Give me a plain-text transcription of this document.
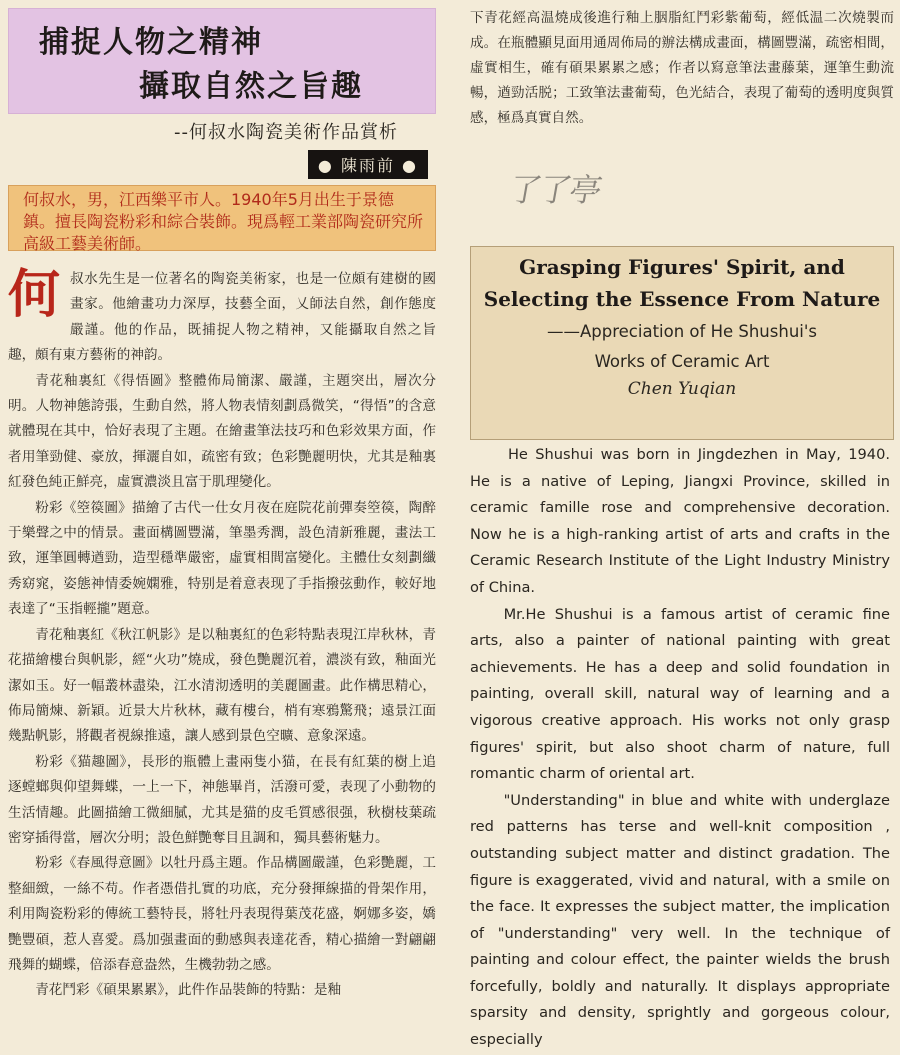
捕捉人物之精神
攝取自然之旨趣
--何叔水陶瓷美術作品賞析
● 陳雨前 ●
何叔水，男，江西樂平市人。1940年5月出生于景德鎮。擅長陶瓷粉彩和綜合裝飾。現爲輕工業部陶瓷研究所高級工藝美術師。

何叔水先生是一位著名的陶瓷美術家，也是一位頗有建樹的國畫家。他繪畫功力深厚，技藝全面，乂師法自然，創作態度嚴謹。他的作品，既捕捉人物之精神，又能攝取自然之旨趣，頗有東方藝術的神韵。

青花釉裏紅《得悟圖》整體佈局簡潔、嚴謹，主題突出，層次分明。人物神態誇張，生動自然，將人物表情刻劃爲微笑，“得悟”的含意就體現在其中，恰好表現了主題。在繪畫筆法技巧和色彩效果方面，作者用筆勁健、豪放，揮灑自如，疏密有致；色彩艷麗明快，尤其是釉裏紅發色純正鮮亮，虛實濃淡且富于肌理變化。

粉彩《箜篌圖》描繪了古代一仕女月夜在庭院花前彈奏箜篌，陶醉于樂聲之中的情景。畫面構圖豐滿，筆墨秀潤，設色清新雅麗，畫法工致，運筆圓轉遒勁，造型穩準嚴密，虛實相間富變化。主體仕女刻劃纖秀窈窕，姿態神情委婉嫻雅，特别是着意表现了手指撥弦動作，較好地表達了“玉指輕攏”題意。

青花釉裏紅《秋江帆影》是以釉裏紅的色彩特點表現江岸秋林，青花描繪樓台與帆影，經“火功”燒成，發色艷麗沉着，濃淡有致，釉面光潔如玉。好一幅叢林盡染，江水清沏透明的美麗圖畫。此作構思精心，佈局簡煉、新穎。近景大片秋林，藏有樓台，梢有寒鴉驚飛；遠景江面幾點帆影，將觀者視線推遠，讓人感到景色空曠、意象深遠。

粉彩《猫趣圖》，長形的瓶體上畫兩隻小猫，在長有紅葉的樹上追逐螳螂與仰望舞蝶，一上一下，神態畢肖，活潑可愛，表现了小動物的生活情趣。此圖描繪工微細膩，尤其是猫的皮毛質感很强，秋樹枝葉疏密穿插得當，層次分明；設色鮮艷奪目且調和，獨具藝術魅力。

粉彩《春風得意圖》以牡丹爲主題。作品構圖嚴謹，色彩艷麗，工整細緻，一絲不苟。作者憑借扎實的功底，充分發揮線描的骨架作用，利用陶瓷粉彩的傳統工藝特長，將牡丹表現得葉茂花盛，婀娜多姿，嬌艷豐碩，惹人喜愛。爲加强畫面的動感與表達花香，精心描繪一對翩翩飛舞的蝴蝶，倍添春意盎然，生機勃勃之感。

青花鬥彩《碩果累累》，此件作品裝飾的特點：是釉

下青花經高温燒成後進行釉上胭脂紅鬥彩紫葡萄，經低温二次燒製而成。在瓶體顯見面用通周佈局的辦法構成畫面，構圖豐滿，疏密相間，虛實相生，確有碩果累累之感；作者以寫意筆法畫藤葉，運筆生動流暢，遒勁活脱；工致筆法畫葡萄，色光結合，表現了葡萄的透明度與質感，極爲真實自然。
了了亭
Grasping Figures' Spirit, and Selecting the Essence From Nature
——Appreciation of He Shushui's
Works of Ceramic Art
Chen Yuqian

He Shushui was born in Jingdezhen in May, 1940. He is a native of Leping, Jiangxi Province, skilled in ceramic famille rose and comprehensive decoration. Now he is a high-ranking artist of arts and crafts in the Ceramic Research Institute of the Light Industry Ministry of China.

Mr.He Shushui is a famous artist of ceramic fine arts, also a painter of national painting with great achievements. He has a deep and solid foundation in painting, overall skill, natural way of learning and a vigorous creative approach. His works not only grasp figures' spirit, but also shoot charm of nature, full romantic charm of oriental art.

"Understanding" in blue and white with underglaze red patterns has terse and well-knit composition , outstanding subject matter and distinct gradation. The figure is exaggerated, vivid and natural, with a smile on the face. It expresses the subject matter, the implication of "understanding" very well. In the technique of painting and colour effect, the painter wields the brush forcefully, boldly and naturally. It displays appropriate sparsity and density, sprightly and gorgeous colour, especially
